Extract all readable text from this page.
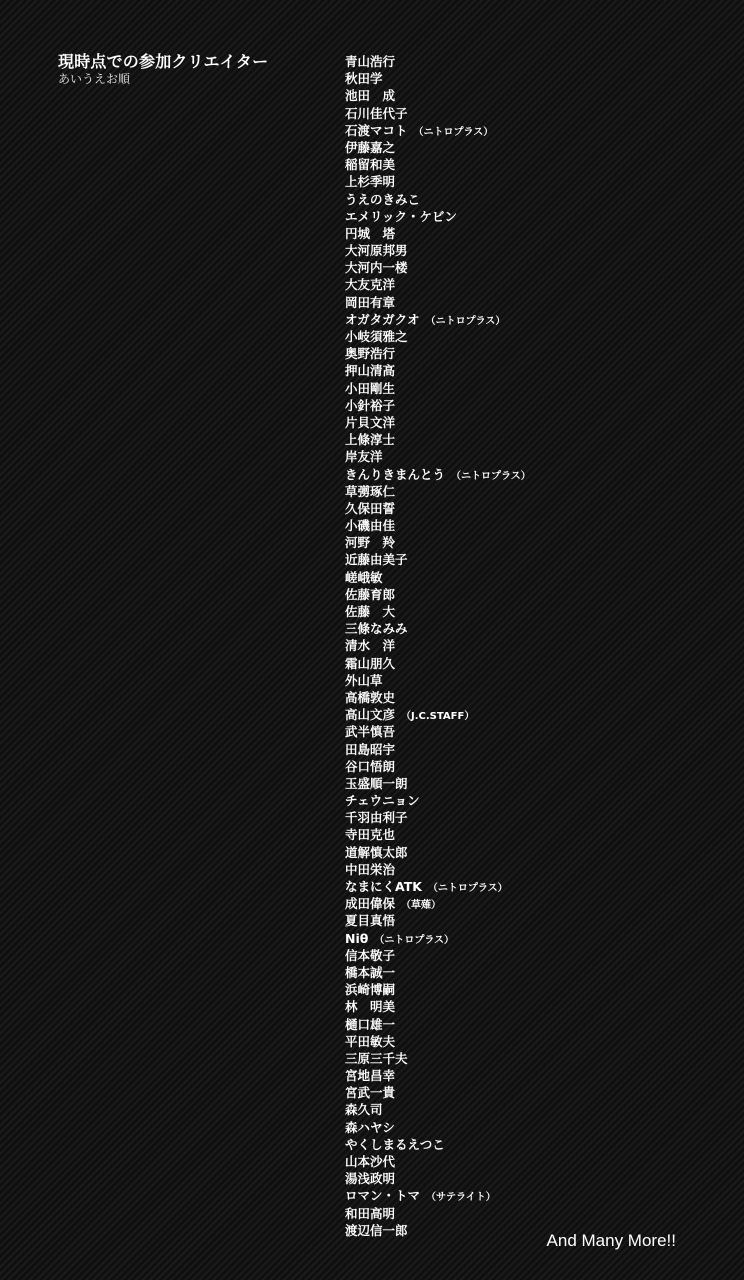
現時点での参加クリエイター
あいうえお順
青山浩行
秋田学
池田　成
石川佳代子
石渡マコト （ニトロプラス）
伊藤嘉之
稲留和美
上杉季明
うえのきみこ
エメリック・ケビン
円城　塔
大河原邦男
大河内一楼
大友克洋
岡田有章
オガタガクオ （ニトロプラス）
小岐須雅之
奥野浩行
押山清高
小田剛生
小針裕子
片貝文洋
上條淳士
岸友洋
きんりきまんとう （ニトロプラス）
草彅琢仁
久保田誓
小磯由佳
河野　羚
近藤由美子
嵯峨敏
佐藤育郎
佐藤　大
三條なみみ
清水　洋
霜山朋久
外山草
高橋敦史
高山文彦 （J.C.STAFF）
武半慎吾
田島昭宇
谷口悟朗
玉盛順一朗
チェウニョン
千羽由利子
寺田克也
道解慎太郎
中田栄治
なまにくATK （ニトロプラス）
成田偉保 （草薙）
夏目真悟
Niθ （ニトロプラス）
信本敬子
橋本誠一
浜崎博嗣
林　明美
樋口雄一
平田敏夫
三原三千夫
宮地昌幸
宮武一貴
森久司
森ハヤシ
やくしまるえつこ
山本沙代
湯浅政明
ロマン・トマ （サテライト）
和田高明
渡辺信一郎
And Many More!!
